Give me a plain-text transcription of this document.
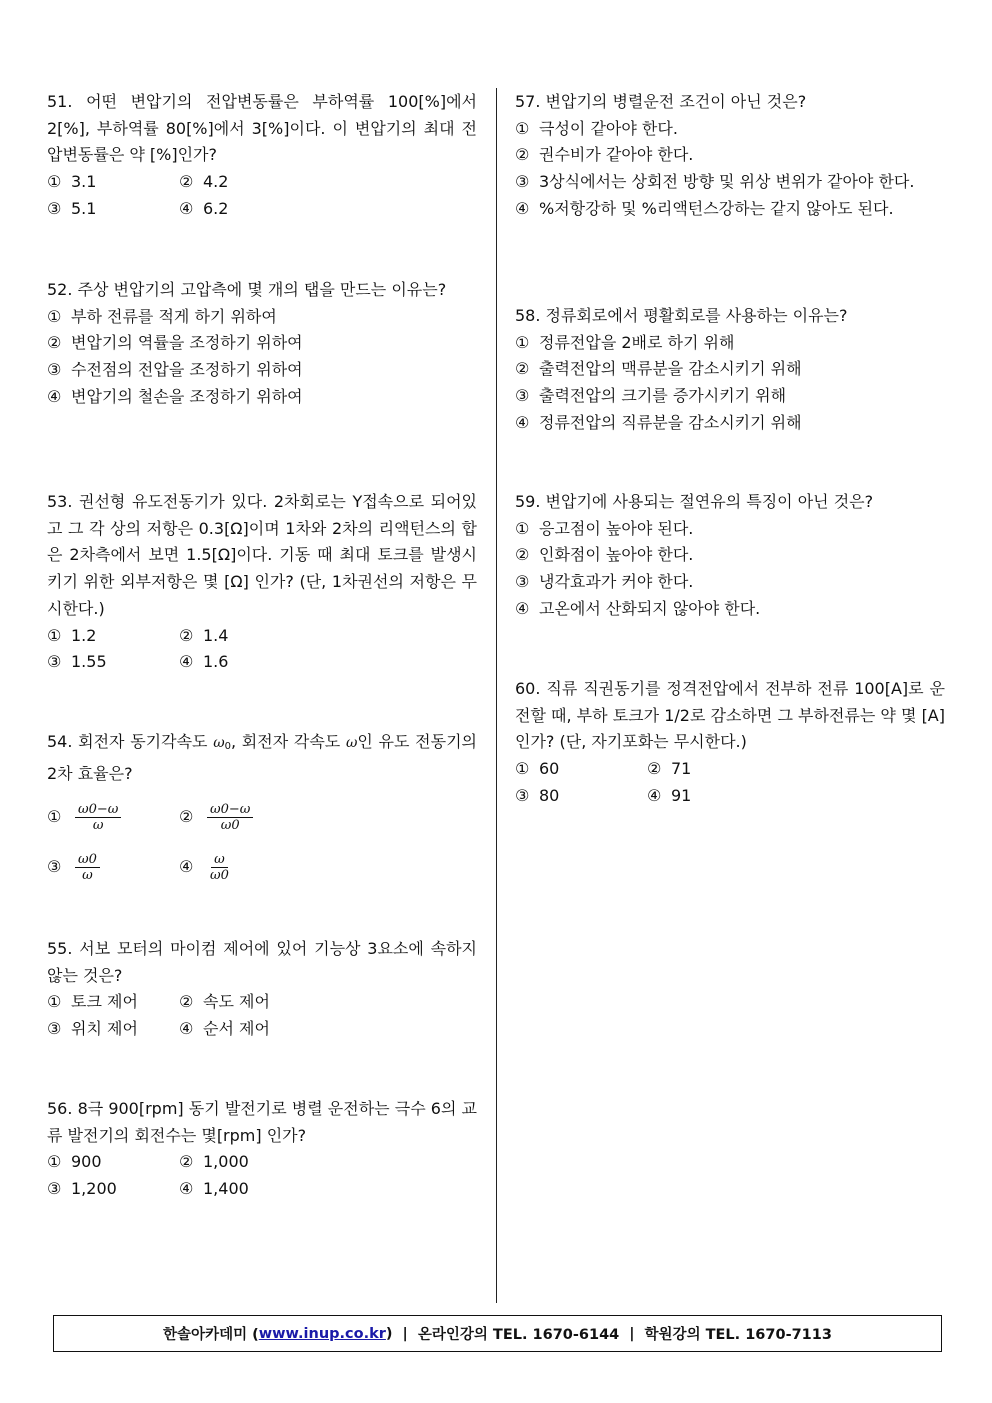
51. 어떤 변압기의 전압변동률은 부하역률 100[%]에서 2[%], 부하역률 80[%]에서 3[%]이다. 이 변압기의 최대 전압변동률은 약 [%]인가?
① 3.1	② 4.2
③ 5.1	④ 6.2
52. 주상 변압기의 고압측에 몇 개의 탭을 만드는 이유는?
① 부하 전류를 적게 하기 위하여
② 변압기의 역률을 조정하기 위하여
③ 수전점의 전압을 조정하기 위하여
④ 변압기의 철손을 조정하기 위하여
53. 권선형 유도전동기가 있다. 2차회로는 Y접속으로 되어있고 그 각 상의 저항은 0.3[Ω]이며 1차와 2차의 리액턴스의 합은 2차측에서 보면 1.5[Ω]이다. 기동 때 최대 토크를 발생시키기 위한 외부저항은 몇 [Ω] 인가? (단, 1차권선의 저항은 무시한다.)
① 1.2	② 1.4
③ 1.55	④ 1.6
54. 회전자 동기각속도 $\omega_0$, 회전자 각속도 ω인 유도 전동기의 2차 효율은?
① $\frac{\omega 0-\omega}{\omega}$	② $\frac{\omega 0-\omega}{\omega 0}$
③ $\frac{\omega 0}{\omega}$	④ $\frac{\omega}{\omega 0}$
55. 서보 모터의 마이컴 제어에 있어 기능상 3요소에 속하지 않는 것은?
① 토크 제어	② 속도 제어
③ 위치 제어	④ 순서 제어
56. 8극 900[rpm] 동기 발전기로 병렬 운전하는 극수 6의 교류 발전기의 회전수는 몇[rpm] 인가?
① 900	② 1,000
③ 1,200	④ 1,400
57. 변압기의 병렬운전 조건이 아닌 것은?
① 극성이 같아야 한다.
② 권수비가 같아야 한다.
③ 3상식에서는 상회전 방향 및 위상 변위가 같아야 한다.
④ %저항강하 및 %리액턴스강하는 같지 않아도 된다.
58. 정류회로에서 평활회로를 사용하는 이유는?
① 정류전압을 2배로 하기 위해
② 출력전압의 맥류분을 감소시키기 위해
③ 출력전압의 크기를 증가시키기 위해
④ 정류전압의 직류분을 감소시키기 위해
59. 변압기에 사용되는 절연유의 특징이 아닌 것은?
① 응고점이 높아야 된다.
② 인화점이 높아야 한다.
③ 냉각효과가 커야 한다.
④ 고온에서 산화되지 않아야 한다.
60. 직류 직권동기를 정격전압에서 전부하 전류 100[A]로 운전할 때, 부하 토크가 1/2로 감소하면 그 부하전류는 약 몇 [A]인가? (단, 자기포화는 무시한다.)
① 60	② 71
③ 80	④ 91
한솔아카데미 ( www.inup.co.kr ) | 온라인강의 TEL. 1670-6144 | 학원강의 TEL. 1670-7113
